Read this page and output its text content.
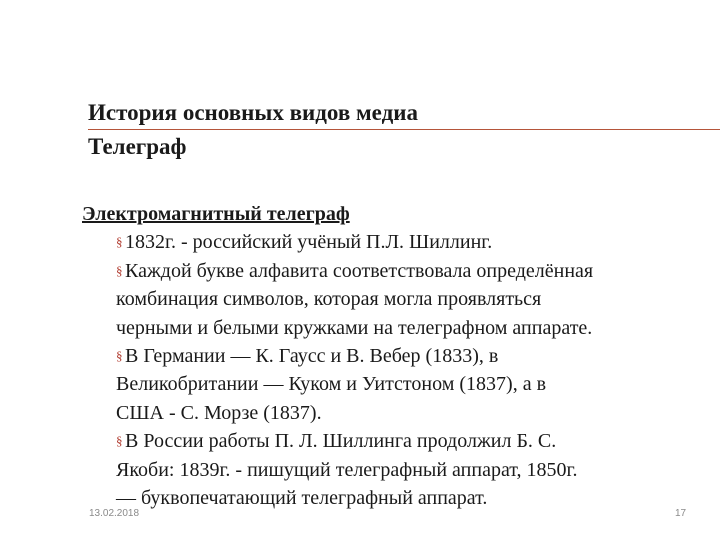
История основных видов медиа
Телеграф
Электромагнитный телеграф
§ 1832г. - российский учёный П.Л. Шиллинг.
§ Каждой букве алфавита соответствовала определённая
комбинация символов, которая могла проявляться
черными и белыми кружками на телеграфном аппарате.
§ В Германии — К. Гаусс и В. Вебер (1833), в
Великобритании — Куком и Уитстоном (1837), а в
США - С. Морзе (1837).
§ В России работы П. Л. Шиллинга продолжил Б. С.
Якоби: 1839г. - пишущий телеграфный аппарат, 1850г.
— буквопечатающий телеграфный аппарат.
13.02.2018	17
